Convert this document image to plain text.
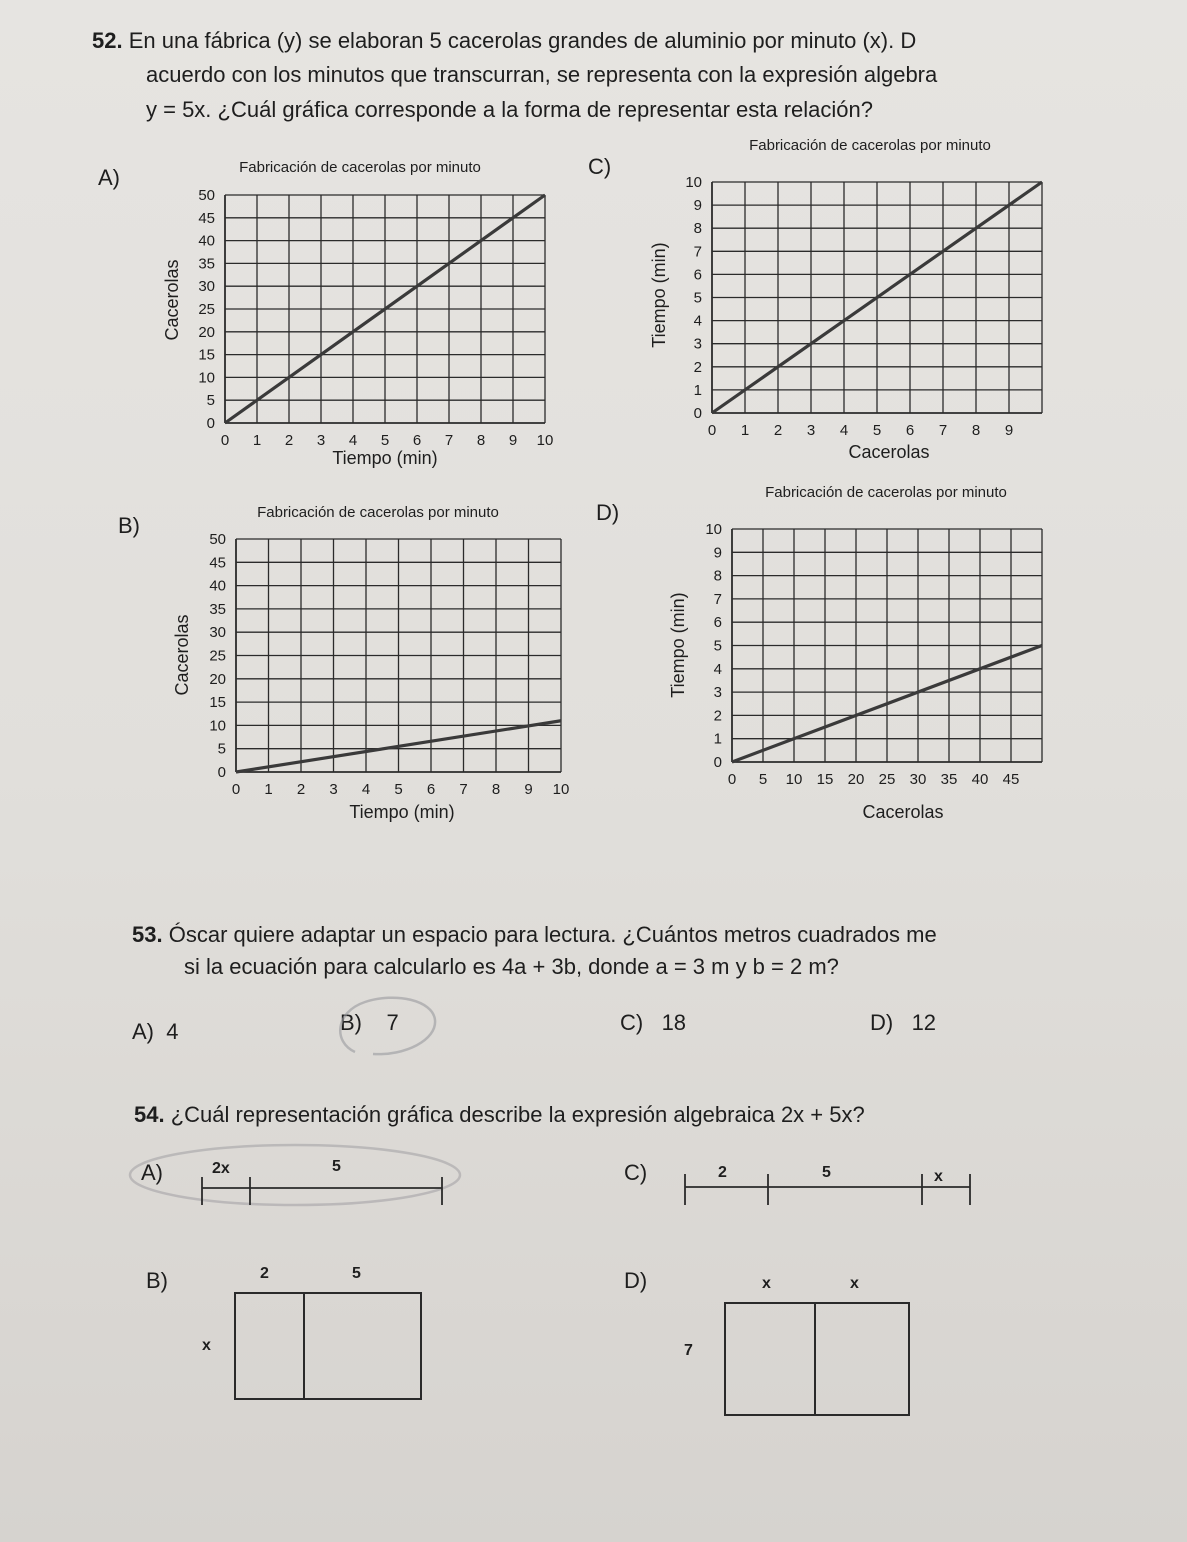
52. En una fábrica (y) se elaboran 5 cacerolas grandes de aluminio por minuto (x). D
acuerdo con los minutos que transcurran, se representa con la expresión algebra
y = 5x. ¿Cuál gráfica corresponde a la forma de representar esta relación?
A)	C)
B)
D)
0 1 2 3 4 5 6 7 8 9 10
0
5
10
15
20
25
30
35
40
45
50
Fabricación de cacerolas por minuto
Tiempo (min)
Cacerolas
0 1 2 3 4 5 6 7 8 9 10
0
5
10
15
20
25
30
35
40
45
50
Fabricación de cacerolas por minuto
Tiempo (min)
Cacerolas
0 1 2 3 4 5 6 7 8 9
0
1
2
3
4
5
6
7
8
9
10
Fabricación de cacerolas por minuto
Cacerolas
Tiempo (min)
0 5 10 15 20 25 30 35 40 45
0
1
2
3
4
5
6
7
8
9
10
Fabricación de cacerolas por minuto
Cacerolas
Tiempo (min)
53. Óscar quiere adaptar un espacio para lectura. ¿Cuántos metros cuadrados me
si la ecuación para calcularlo es 4a + 3b, donde a = 3 m y b = 2 m?
A) 4	B) 7	C) 18	D) 12
54. ¿Cuál representación gráfica describe la expresión algebraica 2x + 5x?
A)	2x	5	C)	2	5	x
B)	2	5
x
D)	x	x
7
